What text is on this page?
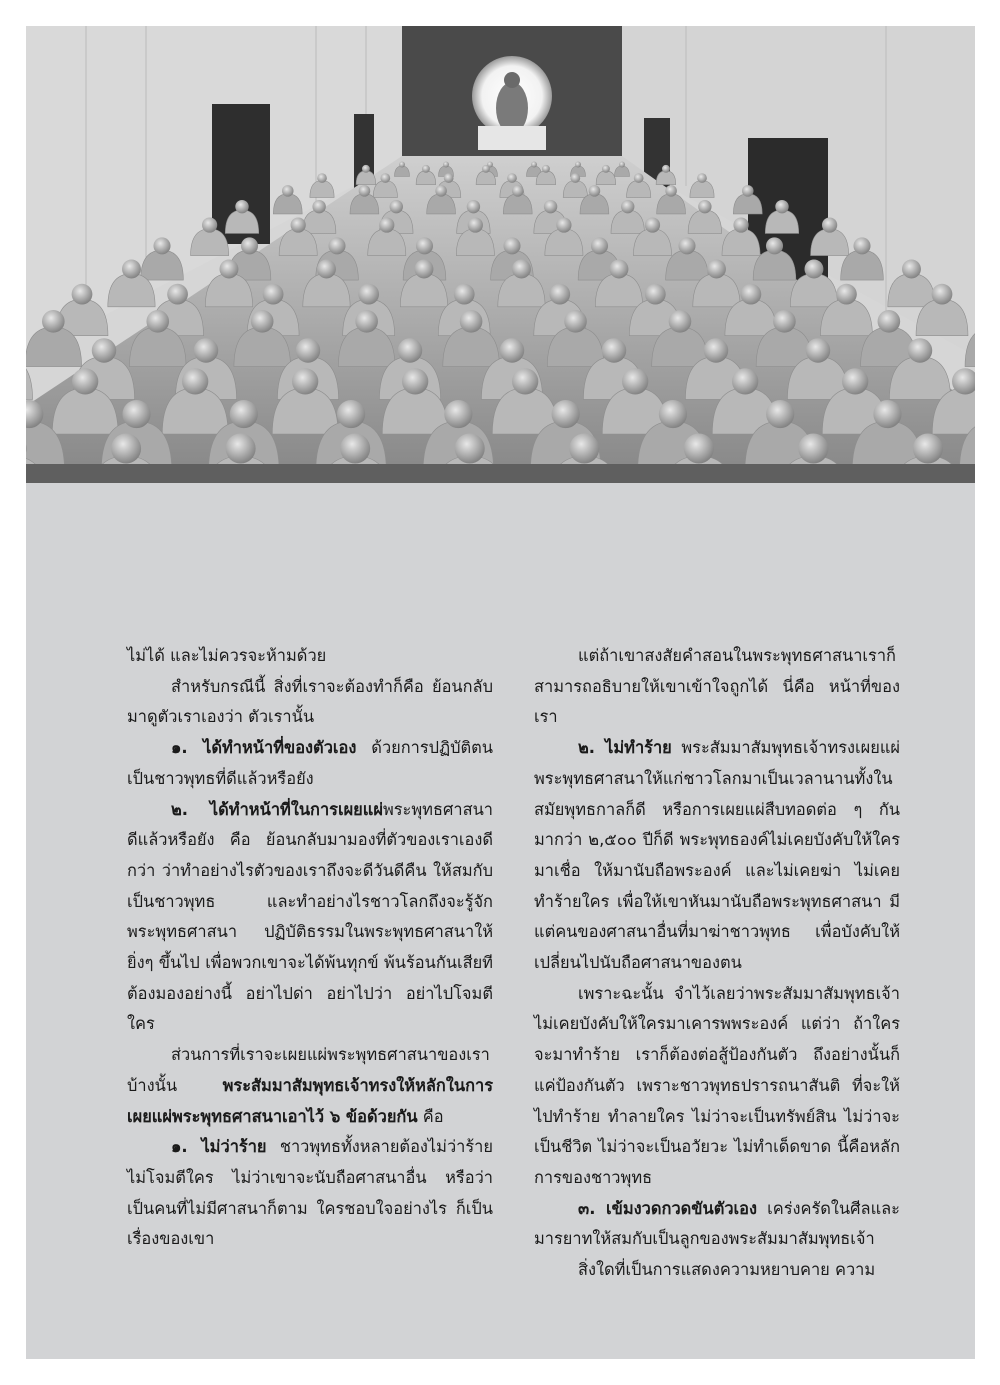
ไม่ได้ และไม่ควรจะห้ามด้วย

สำหรับกรณีนี้ สิ่งที่เราจะต้องทำก็คือ ย้อนกลับมาดูตัวเราเองว่า ตัวเรานั้น

๑. ได้ทำหน้าที่ของตัวเอง ด้วยการปฏิบัติตนเป็นชาวพุทธที่ดีแล้วหรือยัง

๒. ได้ทำหน้าที่ในการเผยแผ่พระพุทธศาสนาดีแล้วหรือยัง คือ ย้อนกลับมามองที่ตัวของเราเองดีกว่า ว่าทำอย่างไรตัวของเราถึงจะดีวันดีคืน ให้สมกับเป็นชาวพุทธ และทำอย่างไรชาวโลกถึงจะรู้จักพระพุทธศาสนา ปฏิบัติธรรมในพระพุทธศาสนาให้ยิ่งๆ ขึ้นไป เพื่อพวกเขาจะได้พ้นทุกข์ พ้นร้อนกันเสียที ต้องมองอย่างนี้ อย่าไปด่า อย่าไปว่า อย่าไปโจมตีใคร

ส่วนการที่เราจะเผยแผ่พระพุทธศาสนาของเราบ้างนั้น พระสัมมาสัมพุทธเจ้าทรงให้หลักในการเผยแผ่พระพุทธศาสนาเอาไว้ ๖ ข้อด้วยกัน คือ

๑. ไม่ว่าร้าย ชาวพุทธทั้งหลายต้องไม่ว่าร้ายไม่โจมตีใคร ไม่ว่าเขาจะนับถือศาสนาอื่น หรือว่าเป็นคนที่ไม่มีศาสนาก็ตาม ใครชอบใจอย่างไร ก็เป็นเรื่องของเขา

แต่ถ้าเขาสงสัยคำสอนในพระพุทธศาสนาเราก็สามารถอธิบายให้เขาเข้าใจถูกได้ นี่คือ หน้าที่ของเรา

๒. ไม่ทำร้าย พระสัมมาสัมพุทธเจ้าทรงเผยแผ่พระพุทธศาสนาให้แก่ชาวโลกมาเป็นเวลานานทั้งในสมัยพุทธกาลก็ดี หรือการเผยแผ่สืบทอดต่อ ๆ กันมากว่า ๒,๕๐๐ ปีก็ดี พระพุทธองค์ไม่เคยบังคับให้ใครมาเชื่อ ให้มานับถือพระองค์ และไม่เคยฆ่า ไม่เคยทำร้ายใคร เพื่อให้เขาหันมานับถือพระพุทธศาสนา มีแต่คนของศาสนาอื่นที่มาฆ่าชาวพุทธ เพื่อบังคับให้เปลี่ยนไปนับถือศาสนาของตน

เพราะฉะนั้น จำไว้เลยว่าพระสัมมาสัมพุทธเจ้าไม่เคยบังคับให้ใครมาเคารพพระองค์ แต่ว่า ถ้าใครจะมาทำร้าย เราก็ต้องต่อสู้ป้องกันตัว ถึงอย่างนั้นก็แค่ป้องกันตัว เพราะชาวพุทธปรารถนาสันติ ที่จะให้ไปทำร้าย ทำลายใคร ไม่ว่าจะเป็นทรัพย์สิน ไม่ว่าจะเป็นชีวิต ไม่ว่าจะเป็นอวัยวะ ไม่ทำเด็ดขาด นี้คือหลักการของชาวพุทธ

๓. เข้มงวดกวดขันตัวเอง เคร่งครัดในศีลและมารยาทให้สมกับเป็นลูกของพระสัมมาสัมพุทธเจ้า

สิ่งใดที่เป็นการแสดงความหยาบคาย ความ
